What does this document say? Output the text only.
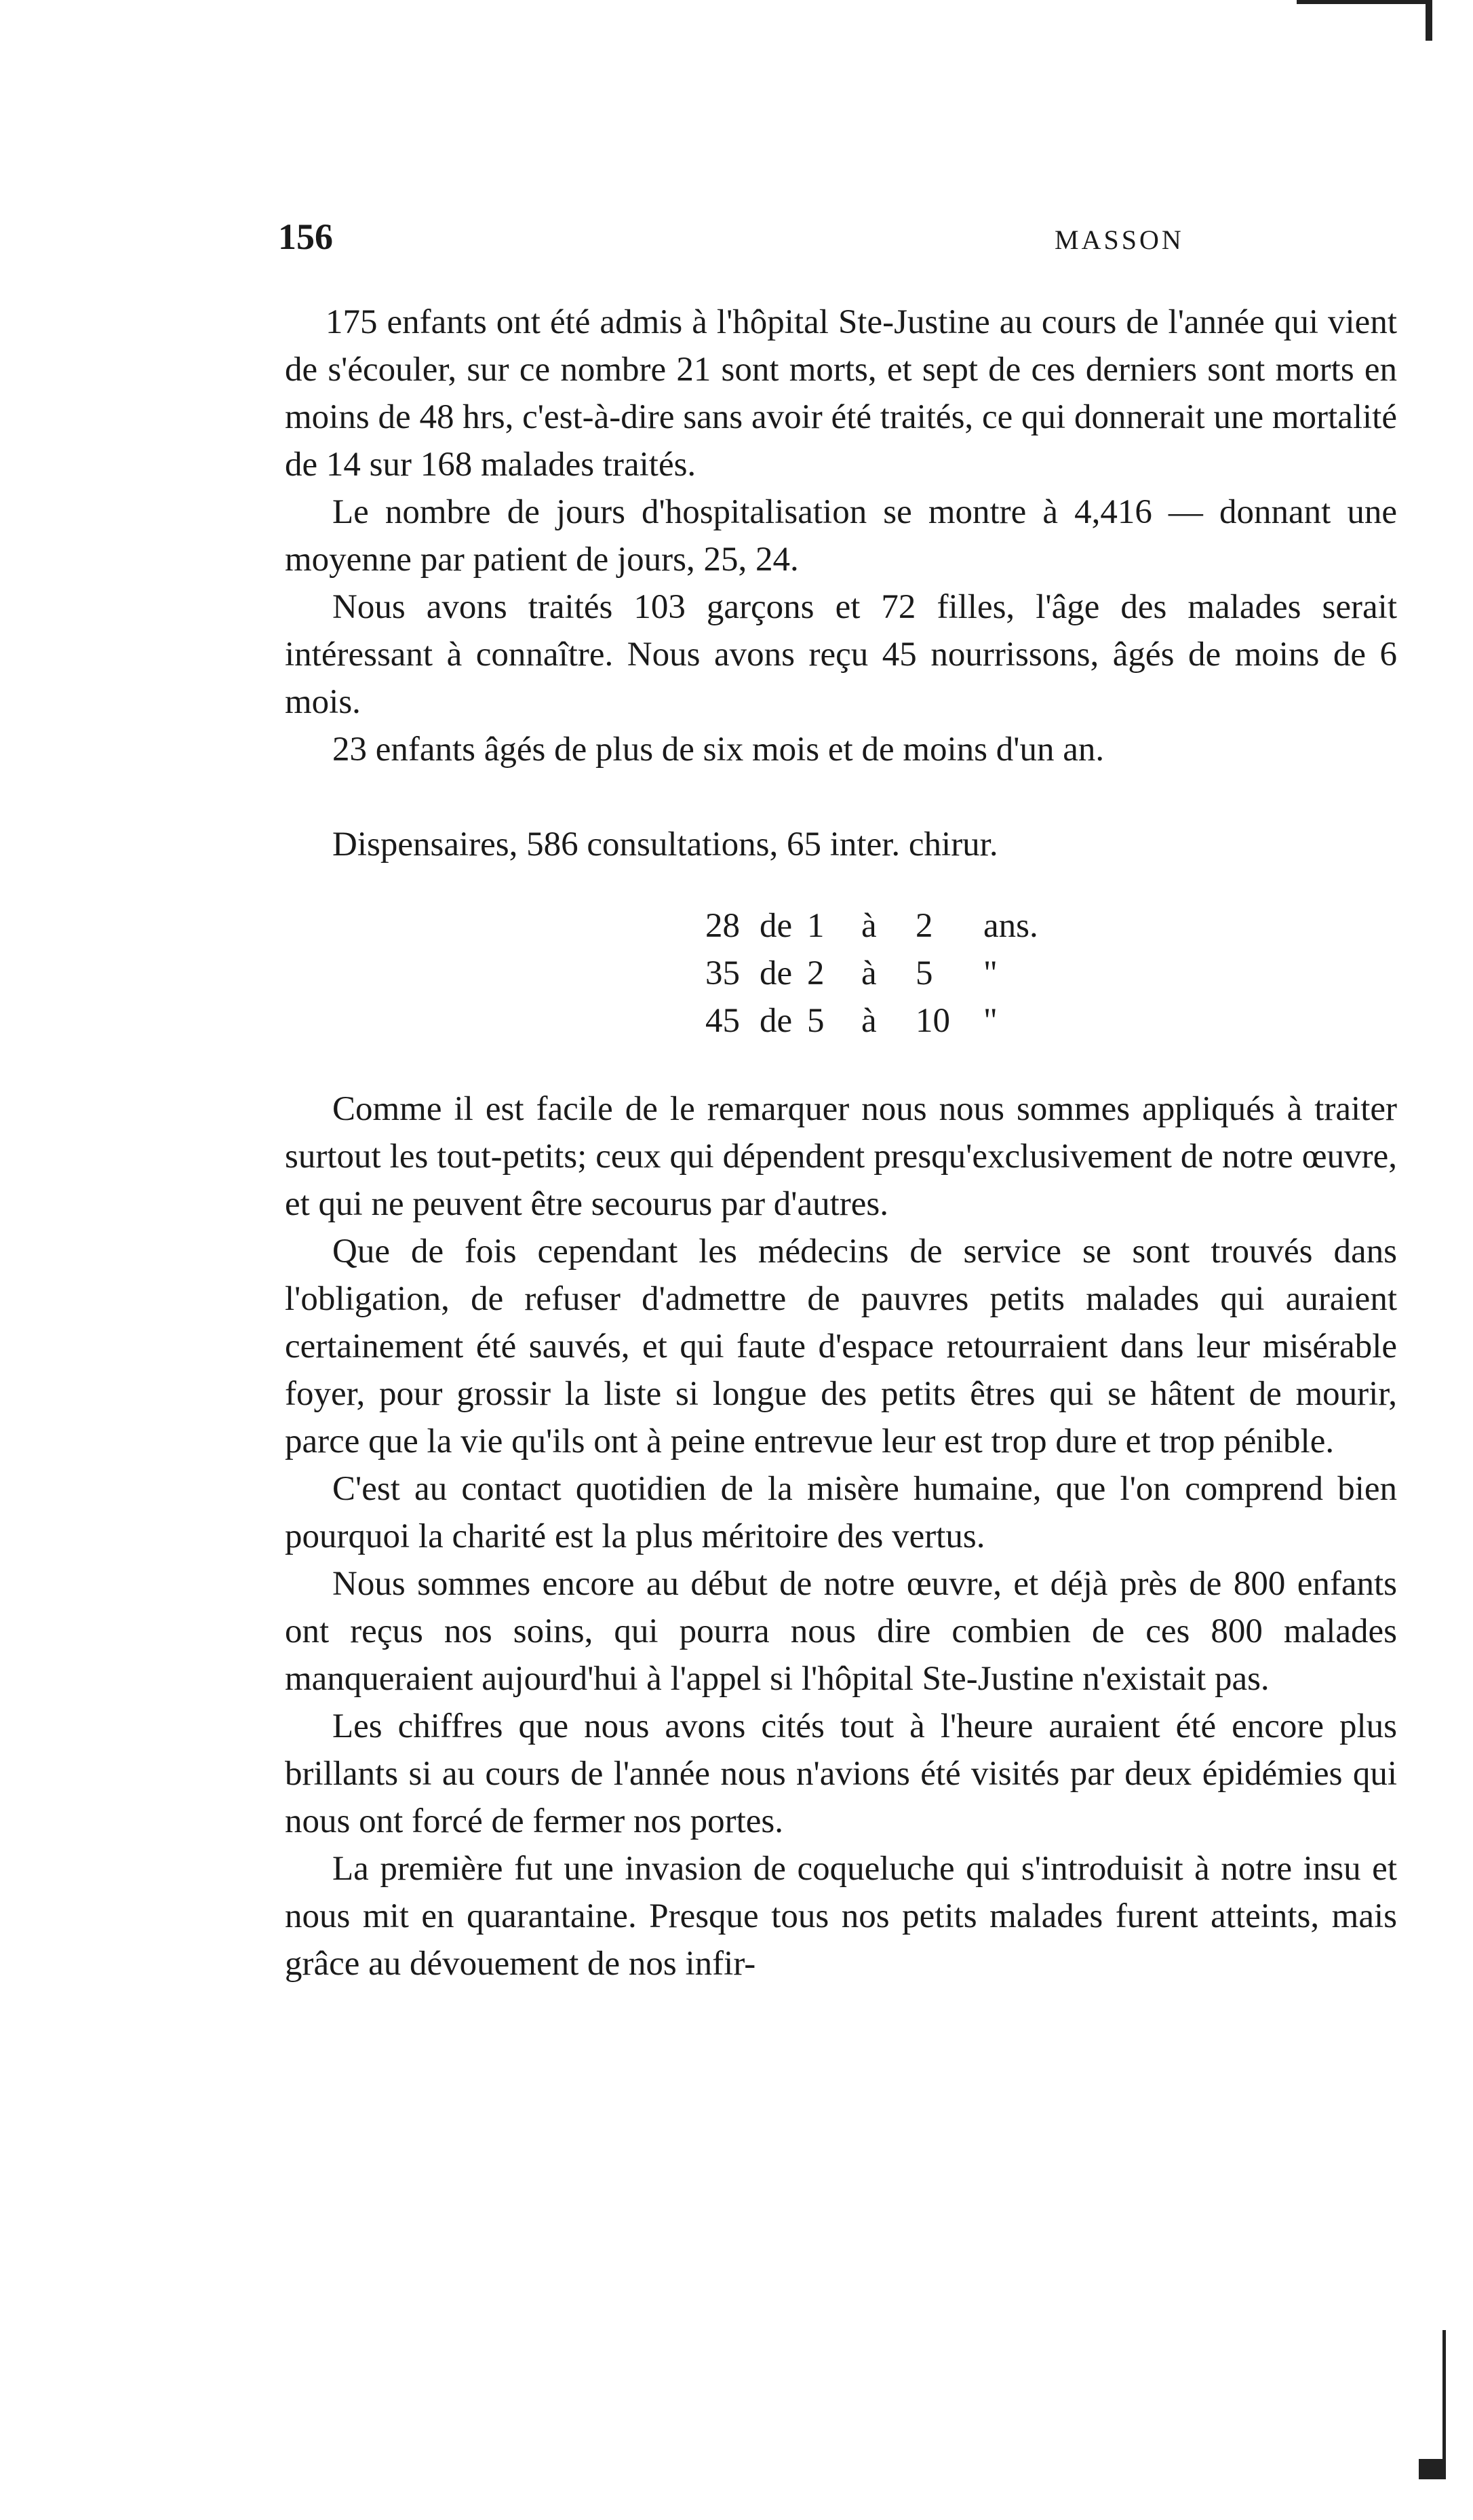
156	MASSON

175 enfants ont été admis à l'hôpital Ste-Justine au cours de l'année qui vient de s'écouler, sur ce nombre 21 sont morts, et sept de ces derniers sont morts en moins de 48 hrs, c'est-à-dire sans avoir été traités, ce qui donnerait une mortalité de 14 sur 168 malades traités.

Le nombre de jours d'hospitalisation se montre à 4,416 — donnant une moyenne par patient de jours, 25, 24.

Nous avons traités 103 garçons et 72 filles, l'âge des malades serait intéressant à connaître. Nous avons reçu 45 nourrissons, âgés de moins de 6 mois.

23 enfants âgés de plus de six mois et de moins d'un an.

Dispensaires, 586 consultations, 65 inter. chirur.

28 de 1 à 2 ans.

35 de 2 à 5 "

45 de 5 à 10 "

Comme il est facile de le remarquer nous nous sommes appliqués à traiter surtout les tout-petits; ceux qui dépendent presqu'exclusivement de notre œuvre, et qui ne peuvent être secourus par d'autres.

Que de fois cependant les médecins de service se sont trouvés dans l'obligation, de refuser d'admettre de pauvres petits malades qui auraient certainement été sauvés, et qui faute d'espace retourraient dans leur misérable foyer, pour grossir la liste si longue des petits êtres qui se hâtent de mourir, parce que la vie qu'ils ont à peine entrevue leur est trop dure et trop pénible.

C'est au contact quotidien de la misère humaine, que l'on comprend bien pourquoi la charité est la plus méritoire des vertus.

Nous sommes encore au début de notre œuvre, et déjà près de 800 enfants ont reçus nos soins, qui pourra nous dire combien de ces 800 malades manqueraient aujourd'hui à l'appel si l'hôpital Ste-Justine n'existait pas.

Les chiffres que nous avons cités tout à l'heure auraient été encore plus brillants si au cours de l'année nous n'avions été visités par deux épidémies qui nous ont forcé de fermer nos portes.

La première fut une invasion de coqueluche qui s'introduisit à notre insu et nous mit en quarantaine. Presque tous nos petits malades furent atteints, mais grâce au dévouement de nos infir-
